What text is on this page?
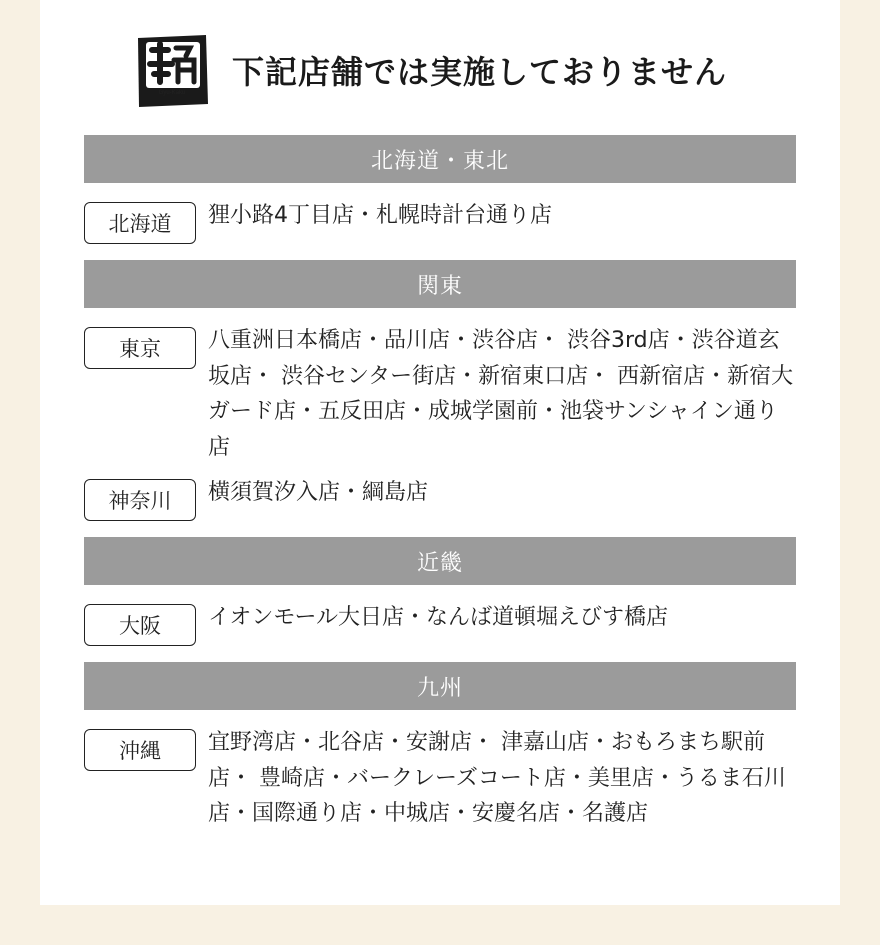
Gyu-Kaku
下記店舗では実施しておりません
北海道・東北
北海道	狸小路4丁目店・札幌時計台通り店
関東
東京	八重洲日本橋店・品川店・渋谷店・ 渋谷3rd店・渋谷道玄坂店・ 渋谷センター街店・新宿東口店・ 西新宿店・新宿大ガード店・五反田店・成城学園前・池袋サンシャイン通り店
神奈川	横須賀汐入店・綱島店
近畿
大阪	イオンモール大日店・なんば道頓堀えびす橋店
九州
沖縄	宜野湾店・北谷店・安謝店・ 津嘉山店・おもろまち駅前店・ 豊崎店・バークレーズコート店・美里店・うるま石川店・国際通り店・中城店・安慶名店・名護店
